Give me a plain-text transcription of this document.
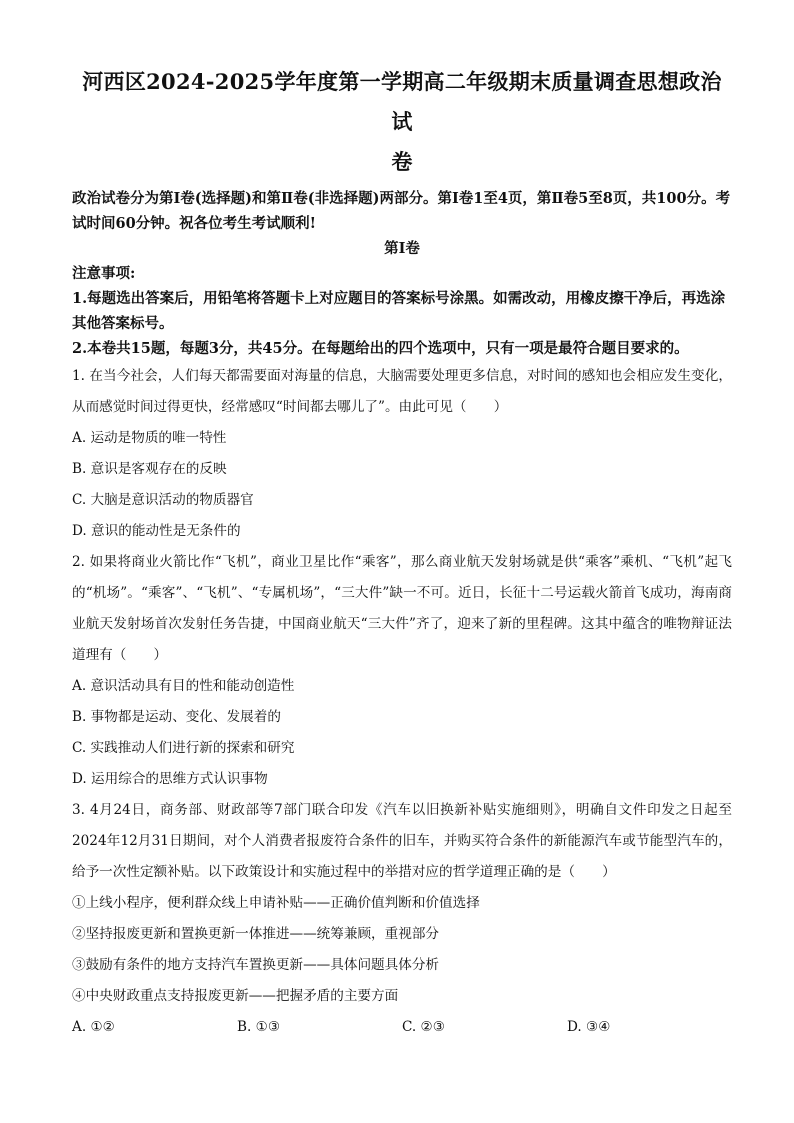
河西区2024-2025学年度第一学期高二年级期末质量调查思想政治试
卷
政治试卷分为第Ⅰ卷(选择题)和第Ⅱ卷(非选择题)两部分。第Ⅰ卷1至4页，第Ⅱ卷5至8页，共100分。考试时间60分钟。祝各位考生考试顺利!
第Ⅰ卷
注意事项:
1.每题选出答案后，用铅笔将答题卡上对应题目的答案标号涂黑。如需改动，用橡皮擦干净后，再选涂其他答案标号。
2.本卷共15题，每题3分，共45分。在每题给出的四个选项中，只有一项是最符合题目要求的。

1. 在当今社会，人们每天都需要面对海量的信息，大脑需要处理更多信息，对时间的感知也会相应发生变化，从而感觉时间过得更快，经常感叹“时间都去哪儿了”。由此可见（　　）

A. 运动是物质的唯一特性

B. 意识是客观存在的反映

C. 大脑是意识活动的物质器官

D. 意识的能动性是无条件的

2. 如果将商业火箭比作“飞机”，商业卫星比作“乘客”，那么商业航天发射场就是供“乘客”乘机、“飞机”起飞的“机场”。“乘客”、“飞机”、“专属机场”，“三大件”缺一不可。近日，长征十二号运载火箭首飞成功，海南商业航天发射场首次发射任务告捷，中国商业航天“三大件”齐了，迎来了新的里程碑。这其中蕴含的唯物辩证法道理有（　　）

A. 意识活动具有目的性和能动创造性

B. 事物都是运动、变化、发展着的

C. 实践推动人们进行新的探索和研究

D. 运用综合的思维方式认识事物

3. 4月24日，商务部、财政部等7部门联合印发《汽车以旧换新补贴实施细则》，明确自文件印发之日起至2024年12月31日期间，对个人消费者报废符合条件的旧车，并购买符合条件的新能源汽车或节能型汽车的，给予一次性定额补贴。以下政策设计和实施过程中的举措对应的哲学道理正确的是（　　）

①上线小程序，便利群众线上申请补贴——正确价值判断和价值选择

②坚持报废更新和置换更新一体推进——统筹兼顾，重视部分

③鼓励有条件的地方支持汽车置换更新——具体问题具体分析

④中央财政重点支持报废更新——把握矛盾的主要方面

A. ①②	B. ①③	C. ②③	D. ③④
